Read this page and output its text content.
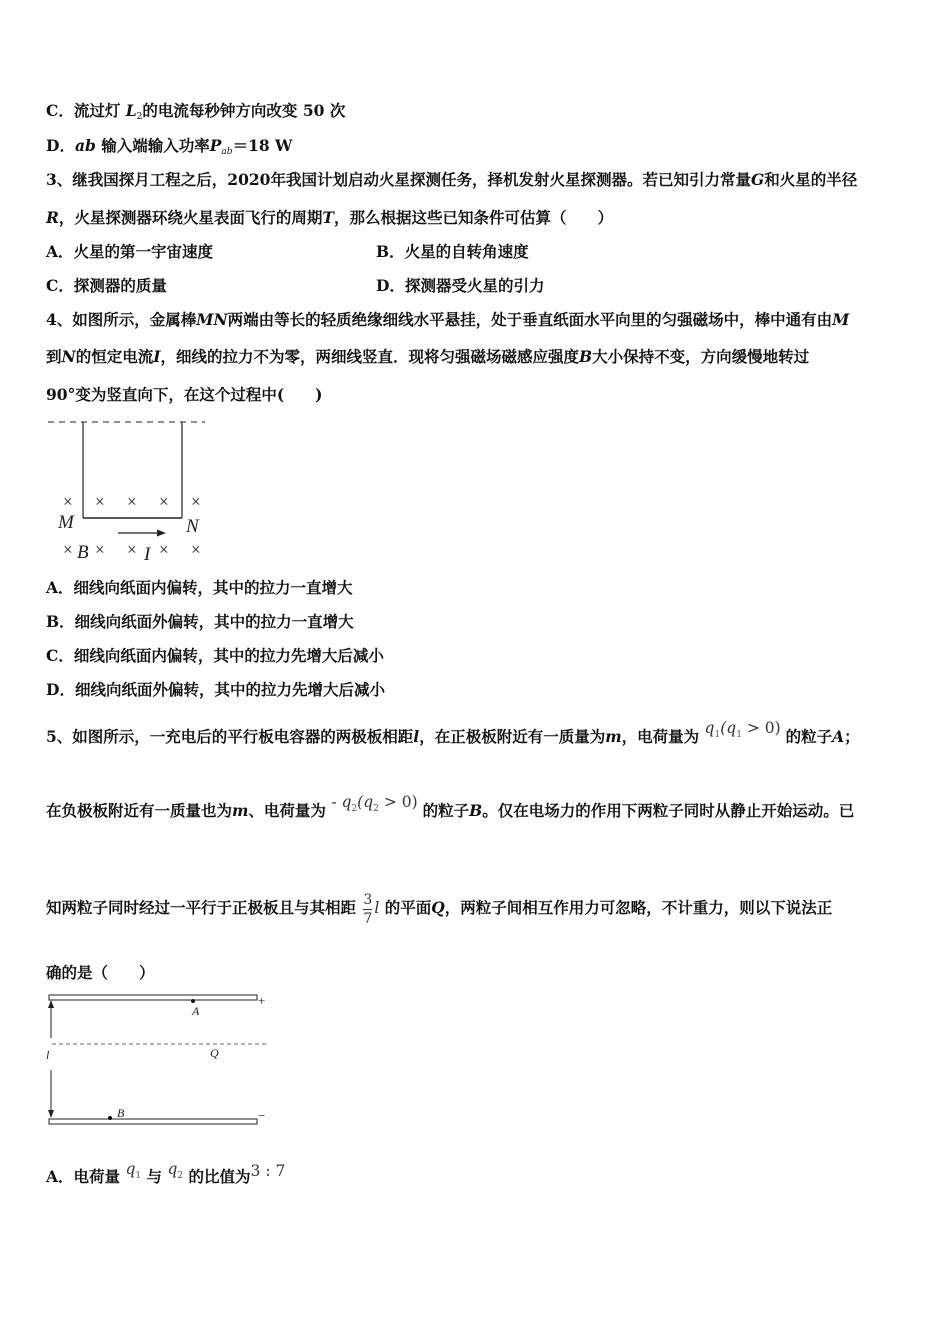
C．流过灯 $L_2$的电流每秒钟方向改变 50 次
D．ab 输入端输入功率$P_{ab}=18$ W
3、继我国探月工程之后，2020年我国计划启动火星探测任务，择机发射火星探测器。若已知引力常量G和火星的半径
R，火星探测器环绕火星表面飞行的周期T，那么根据这些已知条件可估算（　　）
A．火星的第一宇宙速度	B．火星的自转角速度
C．探测器的质量	D．探测器受火星的引力
4、如图所示，金属棒MN两端由等长的轻质绝缘细线水平悬挂，处于垂直纸面水平向里的匀强磁场中，棒中通有由M
到N的恒定电流I，细线的拉力不为零，两细线竖直．现将匀强磁场磁感应强度B大小保持不变，方向缓慢地转过
90°变为竖直向下，在这个过程中(　　)
× × × × ×
× × × × ×
M	N
B	I
A．细线向纸面内偏转，其中的拉力一直增大
B．细线向纸面外偏转，其中的拉力一直增大
C．细线向纸面内偏转，其中的拉力先增大后减小
D．细线向纸面外偏转，其中的拉力先增大后减小
5、如图所示，一充电后的平行板电容器的两极板相距l，在正极板附近有一质量为m，电荷量为 $q_1(q_1 > 0)$ 的粒子A；
在负极板附近有一质量也为m、电荷量为 - $q_2(q_2 > 0)$ 的粒子B。仅在电场力的作用下两粒子同时从静止开始运动。已
知两粒子同时经过一平行于正极板且与其相距 $\frac{3}{7}$ l 的平面Q，两粒子间相互作用力可忽略，不计重力，则以下说法正
确的是（　　）
A
B
Q
l
+
−
A．电荷量 $q_1$ 与 $q_2$ 的比值为3 : 7
